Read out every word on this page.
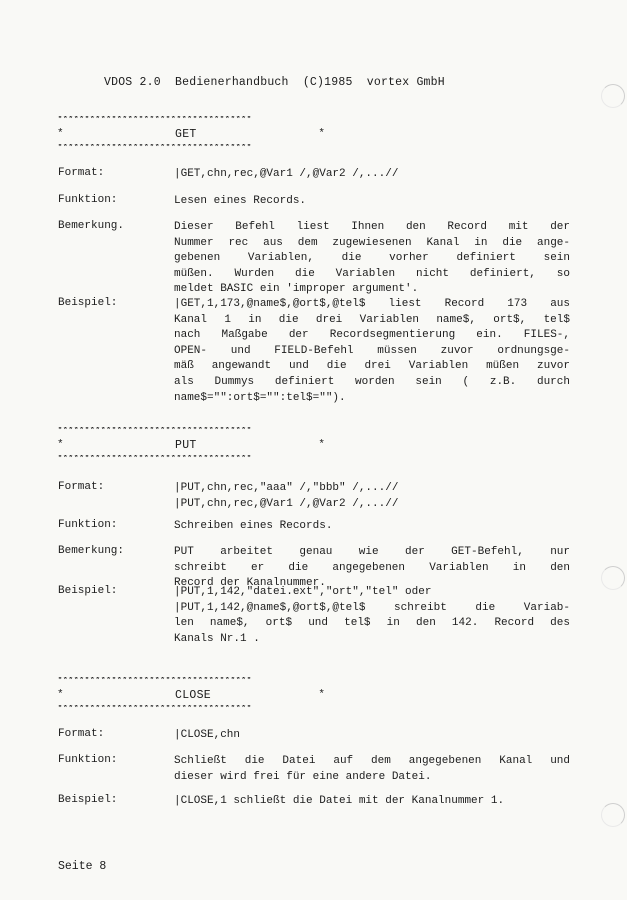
VDOS 2.0  Bedienerhandbuch  (C)1985  vortex GmbH
************************************
*	GET	*
************************************
Format:	|GET,chn,rec,@Var1 /,@Var2 /,...//
Funktion:	Lesen eines Records.
Bemerkung.	Dieser Befehl liest Ihnen den Record mit der
Nummer rec aus dem zugewiesenen Kanal in die ange-
gebenen Variablen, die vorher definiert sein
müßen. Wurden die Variablen nicht definiert, so
meldet BASIC ein 'improper argument'.
Beispiel:	|GET,1,173,@name$,@ort$,@tel$ liest Record 173 aus
Kanal 1 in die drei Variablen name$, ort$, tel$
nach Maßgabe der Recordsegmentierung ein. FILES-,
OPEN- und FIELD-Befehl müssen zuvor ordnungsge-
mäß angewandt und die drei Variablen müßen zuvor
als Dummys definiert worden sein ( z.B. durch
name$="":ort$="":tel$="").
************************************
*	PUT	*
************************************
Format:	|PUT,chn,rec,"aaa" /,"bbb" /,...//
|PUT,chn,rec,@Var1 /,@Var2 /,...//
Funktion:	Schreiben eines Records.
Bemerkung:	PUT arbeitet genau wie der GET-Befehl, nur
schreibt er die angegebenen Variablen in den
Record der Kanalnummer.
Beispiel:	|PUT,1,142,"datei.ext","ort","tel" oder
|PUT,1,142,@name$,@ort$,@tel$ schreibt die Variab-
len name$, ort$ und tel$ in den 142. Record des
Kanals Nr.1 .
************************************
*	CLOSE	*
************************************
Format:	|CLOSE,chn
Funktion:	Schließt die Datei auf dem angegebenen Kanal und
dieser wird frei für eine andere Datei.
Beispiel:	|CLOSE,1 schließt die Datei mit der Kanalnummer 1.
Seite 8
